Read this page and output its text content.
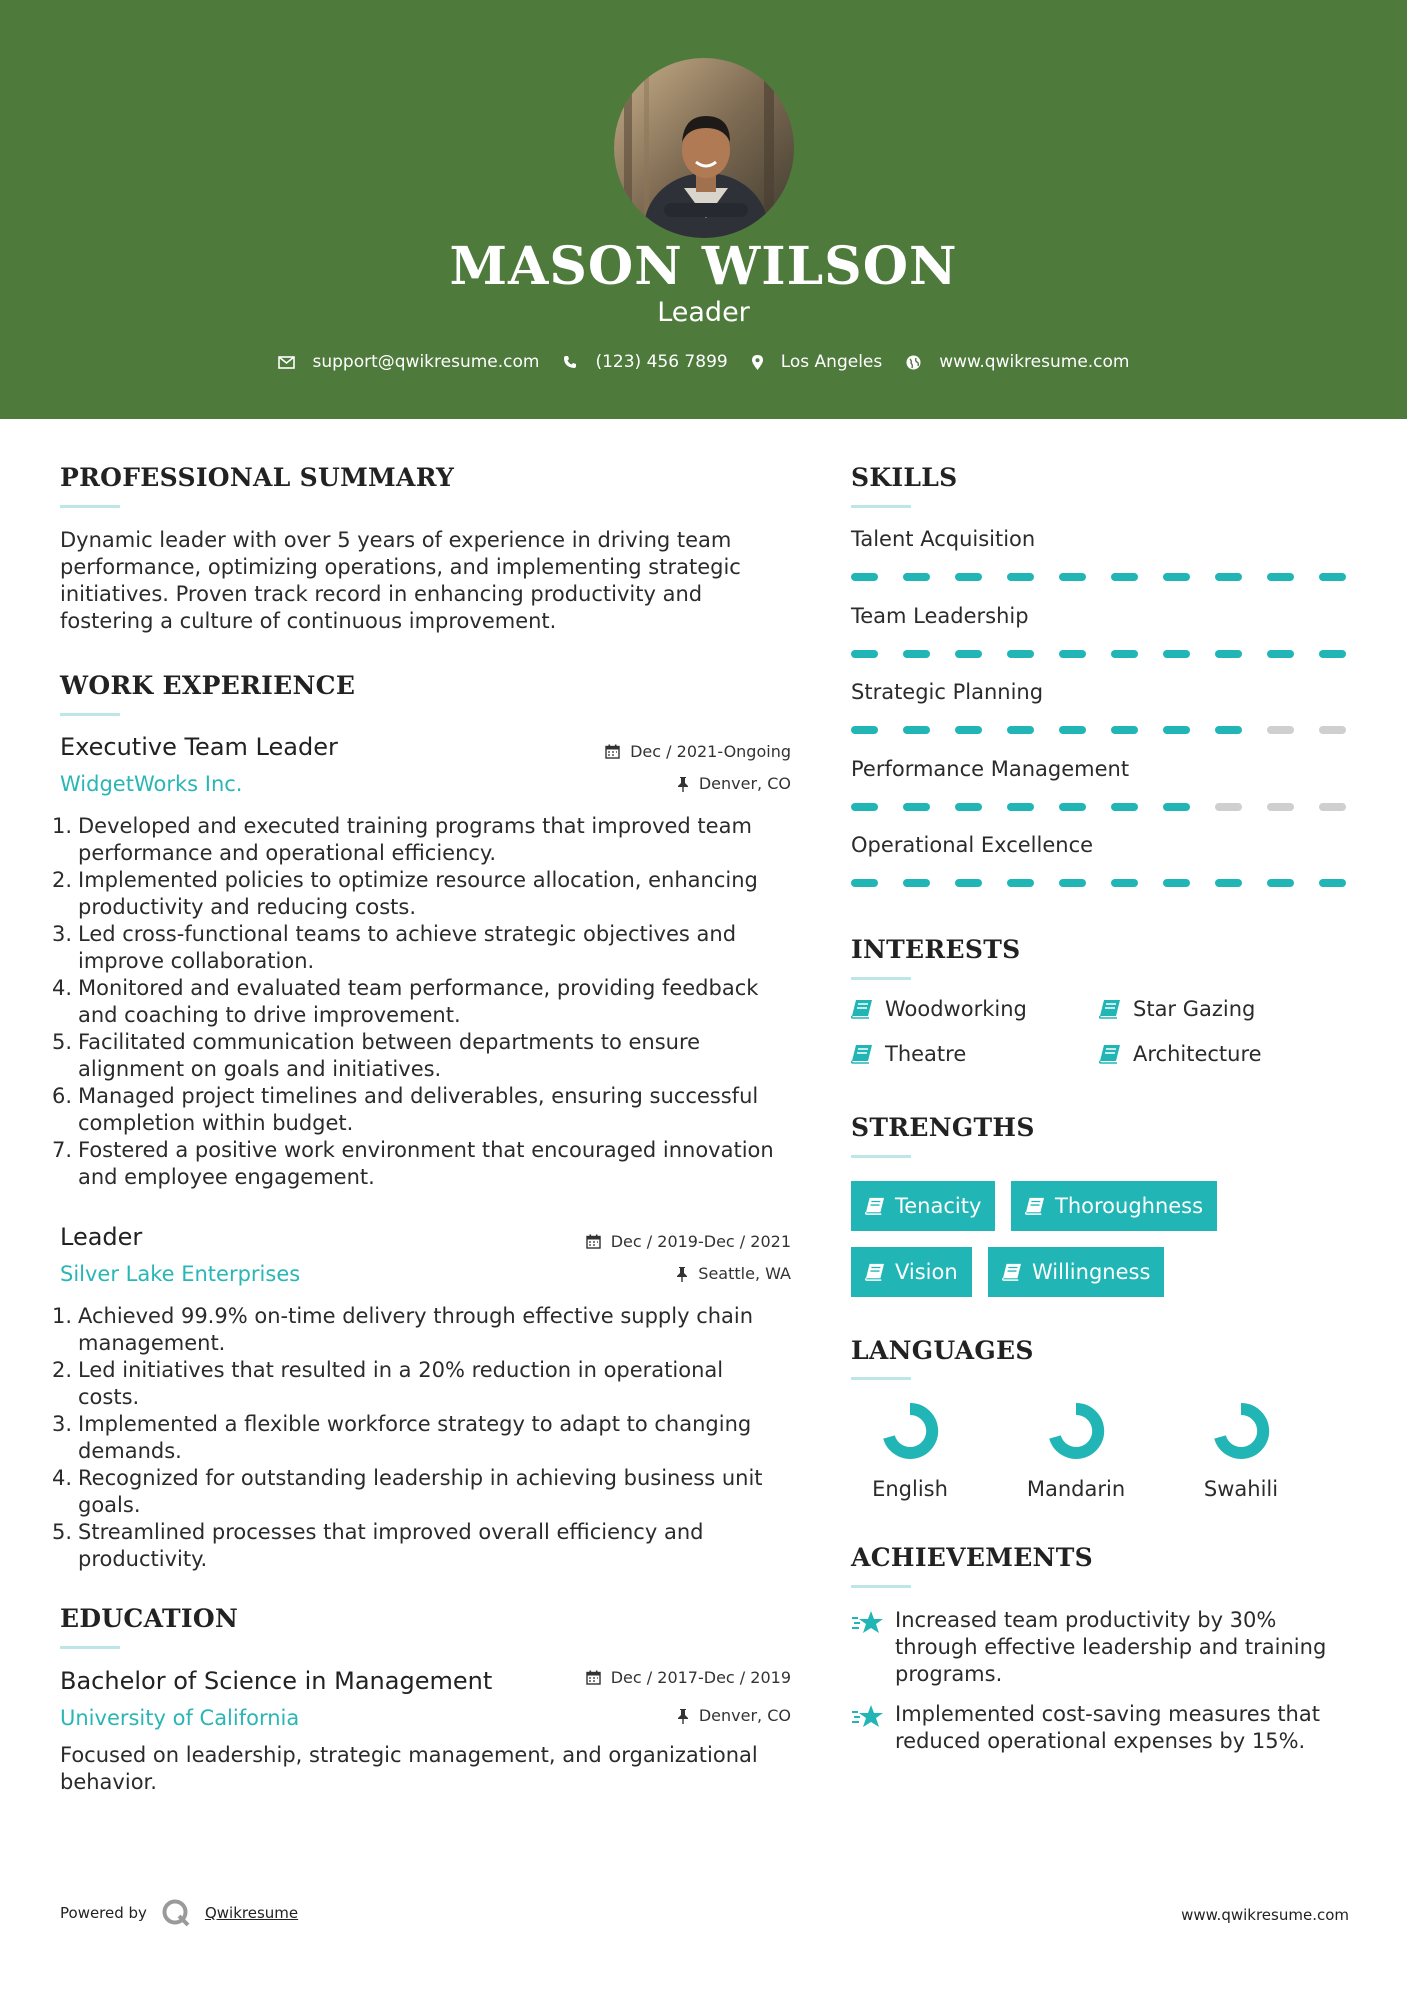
MASON WILSON
Leader
support@qwikresume.com	(123) 456 7899	Los Angeles	www.qwikresume.com
PROFESSIONAL SUMMARY
Dynamic leader with over 5 years of experience in driving team
performance, optimizing operations, and implementing strategic
initiatives. Proven track record in enhancing productivity and
fostering a culture of continuous improvement.
WORK EXPERIENCE
Executive Team Leader	Dec / 2021-Ongoing
WidgetWorks Inc.	Denver, CO
1. Developed and executed training programs that improved team
performance and operational efficiency.
2. Implemented policies to optimize resource allocation, enhancing
productivity and reducing costs.
3. Led cross-functional teams to achieve strategic objectives and
improve collaboration.
4. Monitored and evaluated team performance, providing feedback
and coaching to drive improvement.
5. Facilitated communication between departments to ensure
alignment on goals and initiatives.
6. Managed project timelines and deliverables, ensuring successful
completion within budget.
7. Fostered a positive work environment that encouraged innovation
and employee engagement.
Leader	Dec / 2019-Dec / 2021
Silver Lake Enterprises	Seattle, WA
1. Achieved 99.9% on-time delivery through effective supply chain
management.
2. Led initiatives that resulted in a 20% reduction in operational costs.
3. Implemented a flexible workforce strategy to adapt to changing
demands.
4. Recognized for outstanding leadership in achieving business unit
goals.
5. Streamlined processes that improved overall efficiency and
productivity.
EDUCATION
Bachelor of Science in Management	Dec / 2017-Dec / 2019
University of California	Denver, CO
Focused on leadership, strategic management, and organizational
behavior.
SKILLS
Talent Acquisition
Team Leadership
Strategic Planning
Performance Management
Operational Excellence
INTERESTS
Woodworking	Star Gazing
Theatre	Architecture
STRENGTHS
Tenacity	Thoroughness
Vision	Willingness
LANGUAGES
English	Mandarin	Swahili
ACHIEVEMENTS
Increased team productivity by 30%
through effective leadership and training
programs.
Implemented cost-saving measures that
reduced operational expenses by 15%.
Powered by	Qwikresume	www.qwikresume.com
